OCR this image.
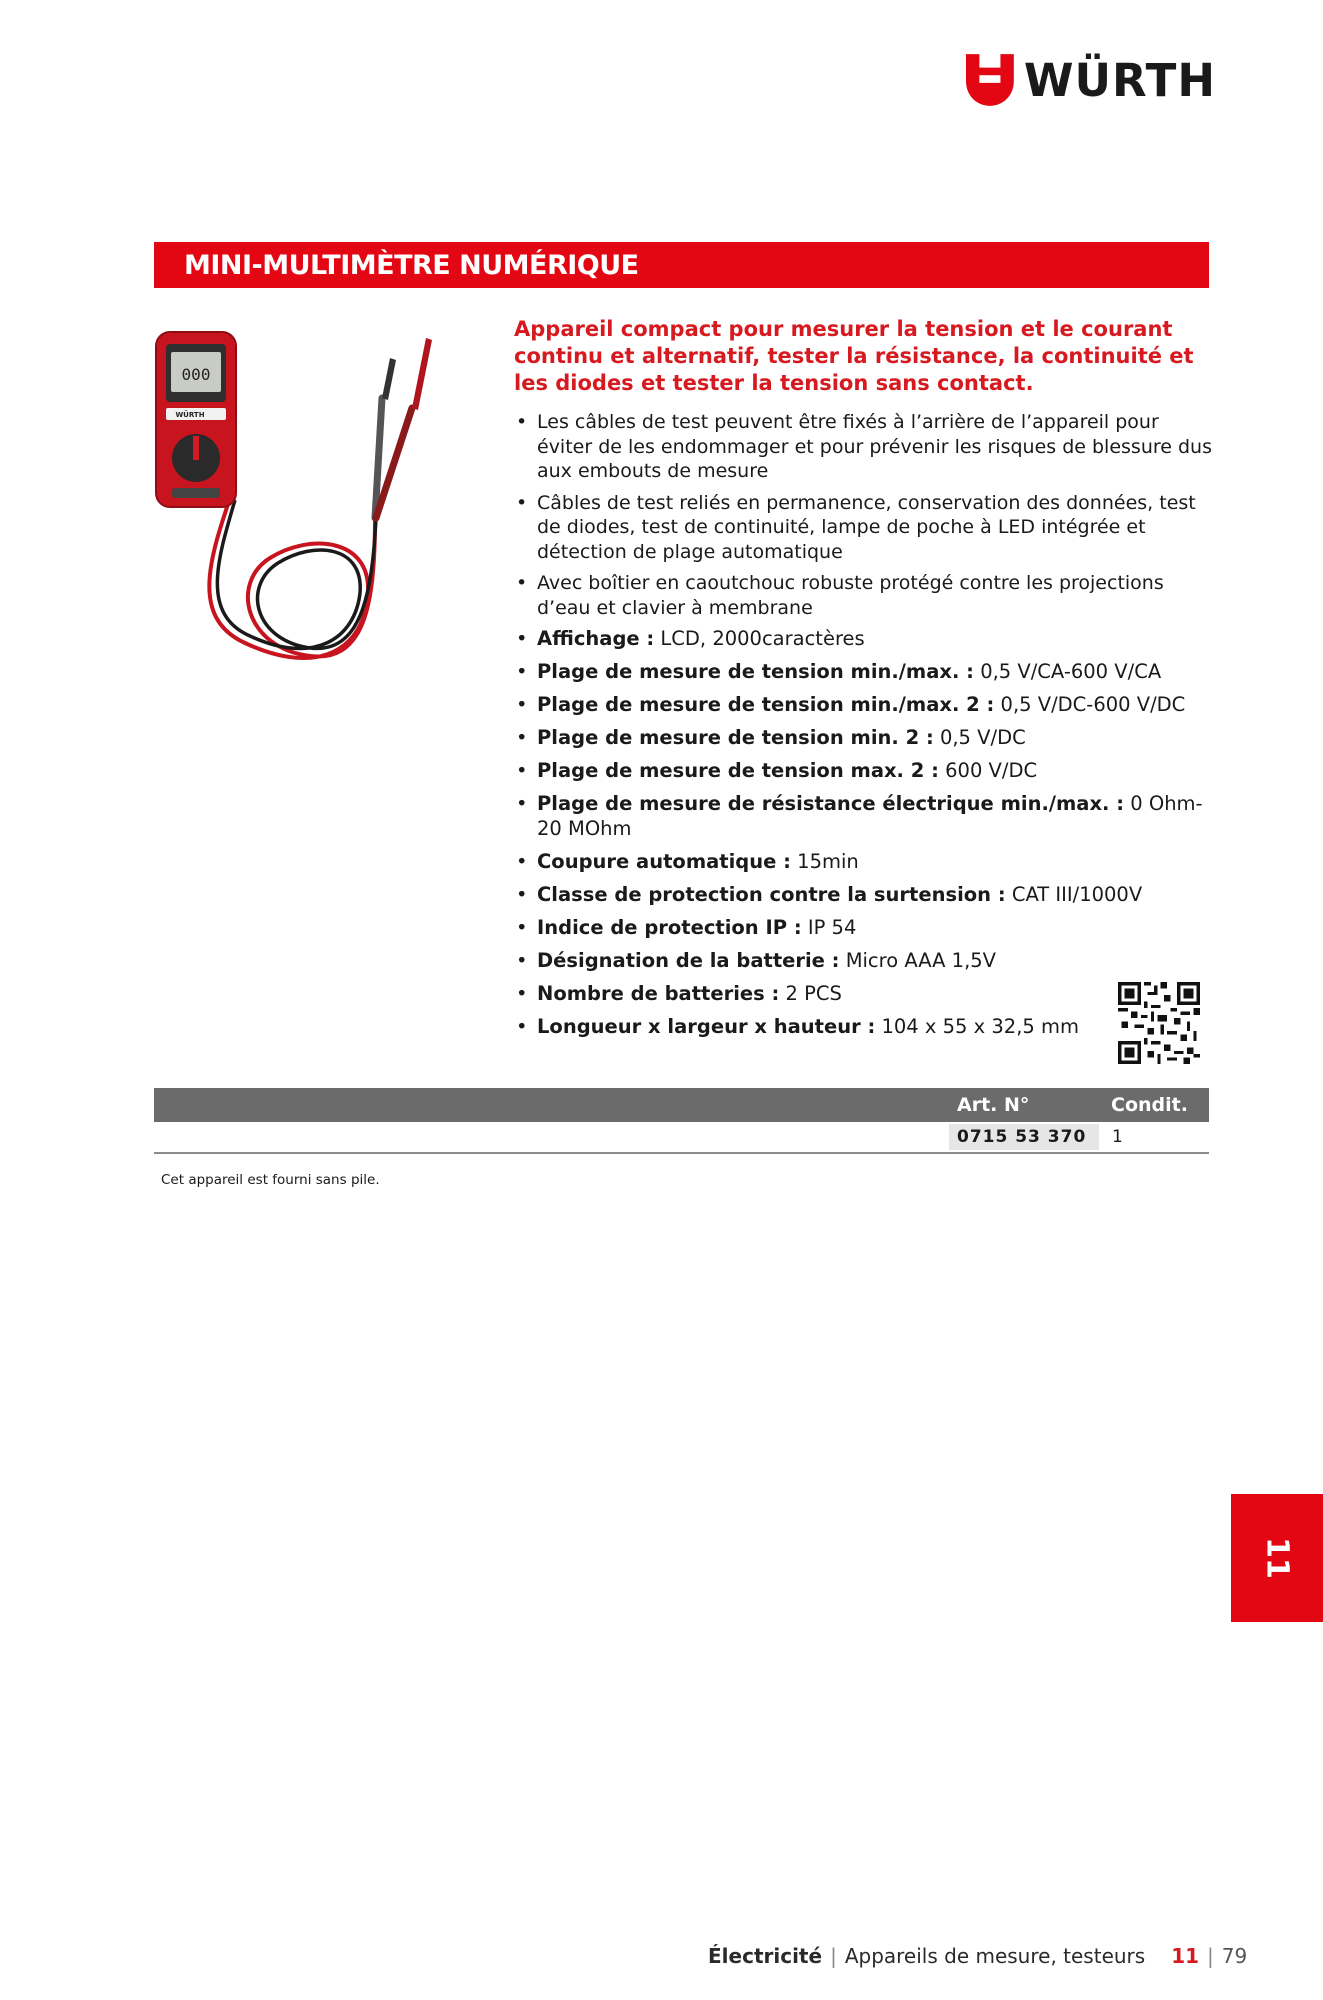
WÜRTH
MINI-MULTIMÈTRE NUMÉRIQUE
000
WÜRTH

Appareil compact pour mesurer la tension et le courant continu et alternatif, tester la résistance, la continuité et les diodes et tester la tension sans contact.

• Les câbles de test peuvent être fixés à l’arrière de l’appareil pour éviter de les endommager et pour prévenir les risques de blessure dus aux embouts de mesure
• Câbles de test reliés en permanence, conservation des données, test de diodes, test de continuité, lampe de poche à LED intégrée et détection de plage automatique
• Avec boîtier en caoutchouc robuste protégé contre les projections d’eau et clavier à membrane
• Affichage : LCD, 2000caractères
• Plage de mesure de tension min./max. : 0,5 V/CA-600 V/CA
• Plage de mesure de tension min./max. 2 : 0,5 V/DC-600 V/DC
• Plage de mesure de tension min. 2 : 0,5 V/DC
• Plage de mesure de tension max. 2 : 600 V/DC
• Plage de mesure de résistance électrique min./max. : 0 Ohm-20 MOhm
• Coupure automatique : 15min
• Classe de protection contre la surtension : CAT III/1000V
• Indice de protection IP : IP 54
• Désignation de la batterie : Micro AAA 1,5V
• Nombre de batteries : 2 PCS
• Longueur x largeur x hauteur : 104 x 55 x 32,5 mm
Art. N°	Condit.
0715 53 370	1
Cet appareil est fourni sans pile.
11
Électricité | Appareils de mesure, testeurs 11 | 79
